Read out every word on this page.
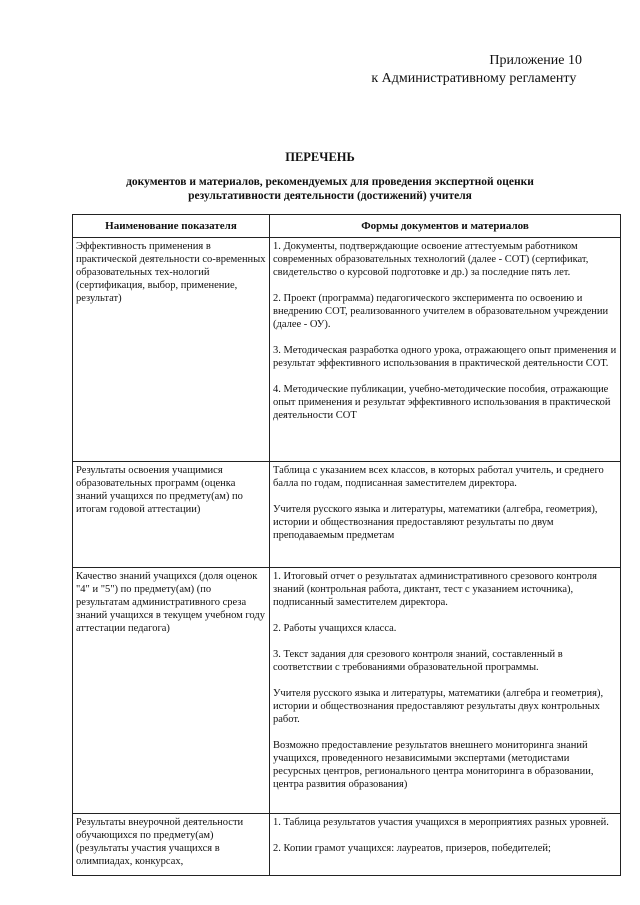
Приложение 10
к Административному регламенту
ПЕРЕЧЕНЬ
документов и материалов, рекомендуемых для проведения экспертной оценки
результативности деятельности (достижений) учителя
Наименование показателя	Формы документов и материалов
Эффективность применения в практической деятельности со-временных образовательных тех-нологий (сертификация, выбор, применение, результат)	1. Документы, подтверждающие освоение аттестуемым работником современных образовательных технологий (далее - СОТ) (сертификат, свидетельство о курсовой подготовке и др.) за последние пять лет.

2. Проект (программа) педагогического эксперимента по освоению и внедрению СОТ, реализованного учителем в образовательном учреждении (далее - ОУ).

3. Методическая разработка одного урока, отражающего опыт применения и результат эффективного использования в практической деятельности СОТ.

4. Методические публикации, учебно-методические пособия, отражающие опыт применения и результат эффективного использования в практической деятельности СОТ

Результаты освоения учащимися образовательных программ (оценка знаний учащихся по предмету(ам) по итогам годовой аттестации)	Таблица с указанием всех классов, в которых работал учитель, и среднего балла по годам, подписанная заместителем директора.

Учителя русского языка и литературы, математики (алгебра, геометрия), истории и обществознания предоставляют результаты по двум преподаваемым предметам

Качество знаний учащихся (доля оценок "4" и "5") по предмету(ам) (по результатам административного среза знаний учащихся в текущем учебном году аттестации педагога)	1. Итоговый отчет о результатах административного срезового контроля знаний (контрольная работа, диктант, тест с указанием источника), подписанный заместителем директора.

2. Работы учащихся класса.

3. Текст задания для срезового контроля знаний, составленный в соответствии с требованиями образовательной программы.

Учителя русского языка и литературы, математики (алгебра и геометрия), истории и обществознания предоставляют результаты двух контрольных работ.

Возможно предоставление результатов внешнего мониторинга знаний учащихся, проведенного независимыми экспертами (методистами ресурсных центров, регионального центра мониторинга в образовании, центра развития образования)

Результаты внеурочной деятельности обучающихся по предмету(ам) (результаты участия учащихся в олимпиадах, конкурсах,	1. Таблица результатов участия учащихся в мероприятиях разных уровней.

2. Копии грамот учащихся: лауреатов, призеров, победителей;
